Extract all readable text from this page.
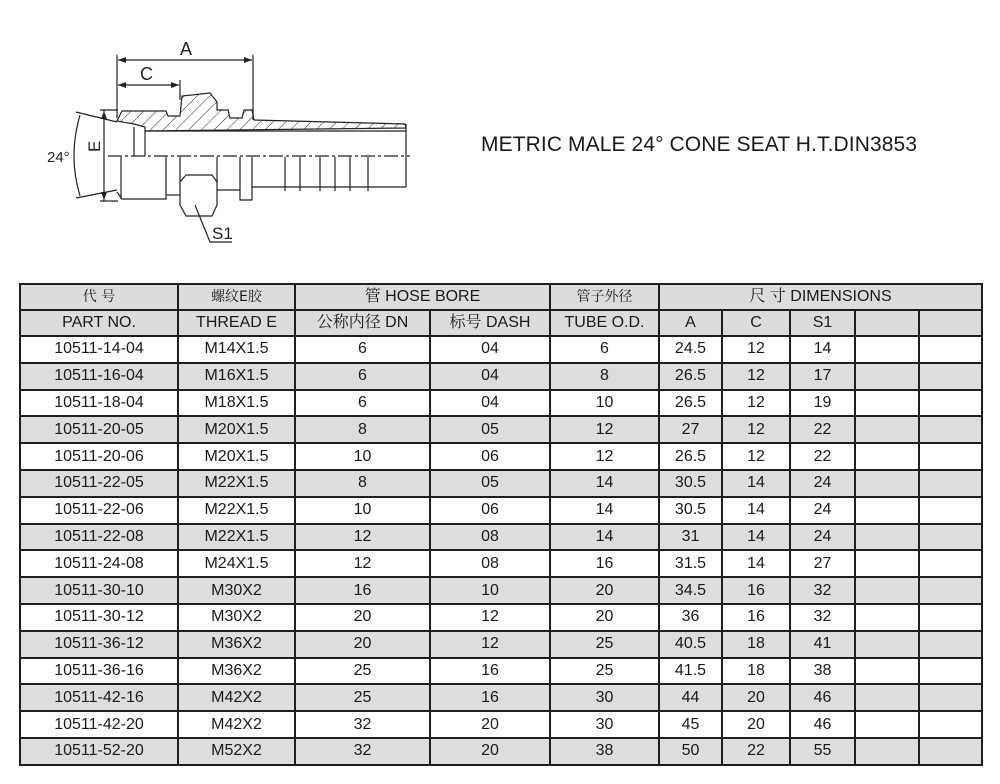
A
C
24°
E
S1
METRIC MALE 24° CONE SEAT H.T.DIN3853
代 号	螺纹E胶	管 HOSE BORE		管子外径	尺 寸 DIMENSIONS				
PART NO.	THREAD E	公称内径 DN	标号 DASH	TUBE O.D.	A	C	S1		
10511-14-04	M14X1.5	6	04	6	24.5	12	14		
10511-16-04	M16X1.5	6	04	8	26.5	12	17		
10511-18-04	M18X1.5	6	04	10	26.5	12	19		
10511-20-05	M20X1.5	8	05	12	27	12	22		
10511-20-06	M20X1.5	10	06	12	26.5	12	22		
10511-22-05	M22X1.5	8	05	14	30.5	14	24		
10511-22-06	M22X1.5	10	06	14	30.5	14	24		
10511-22-08	M22X1.5	12	08	14	31	14	24		
10511-24-08	M24X1.5	12	08	16	31.5	14	27		
10511-30-10	M30X2	16	10	20	34.5	16	32		
10511-30-12	M30X2	20	12	20	36	16	32		
10511-36-12	M36X2	20	12	25	40.5	18	41		
10511-36-16	M36X2	25	16	25	41.5	18	38		
10511-42-16	M42X2	25	16	30	44	20	46		
10511-42-20	M42X2	32	20	30	45	20	46		
10511-52-20	M52X2	32	20	38	50	22	55		
